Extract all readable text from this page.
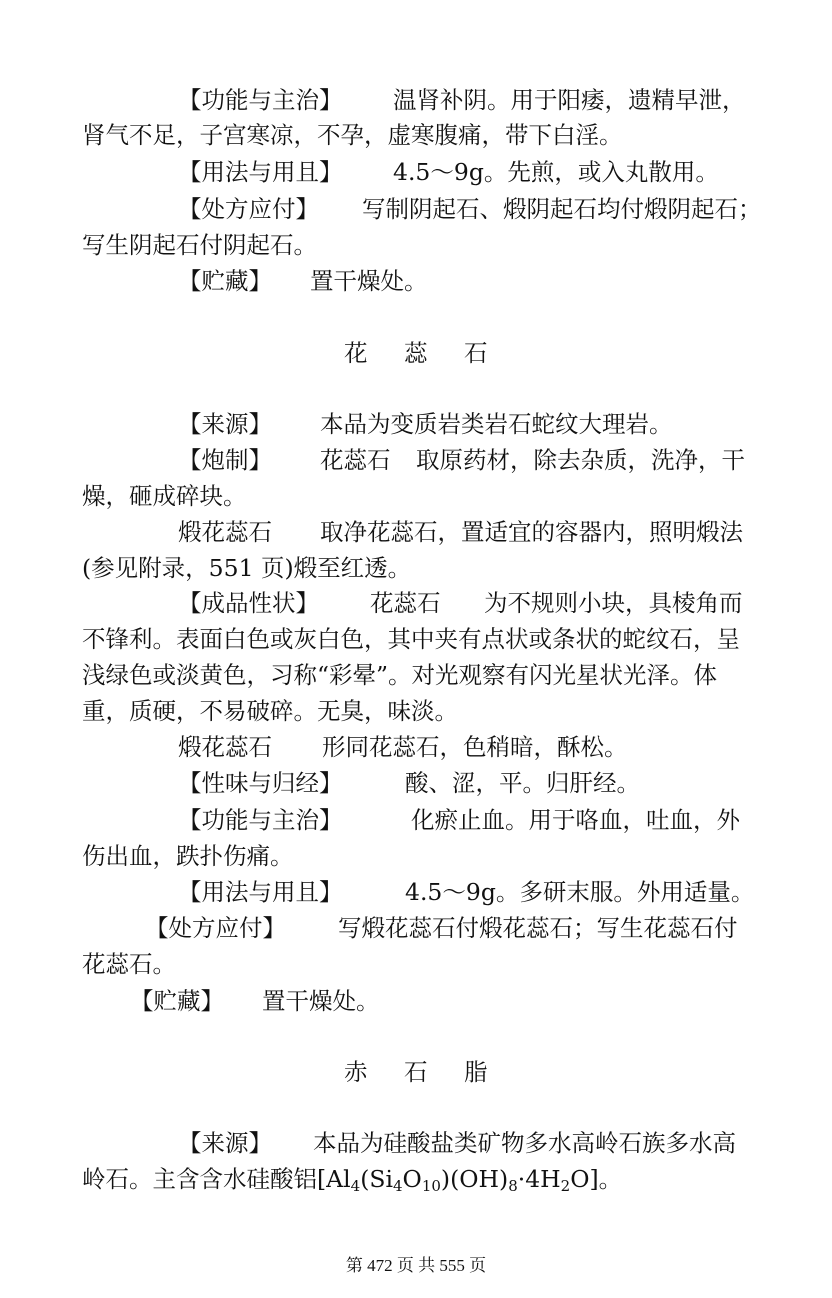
【功能与主治】 温肾补阴。用于阳痿，遗精早泄，
肾气不足，子宫寒凉，不孕，虚寒腹痛，带下白淫。
【用法与用且】 4.5～9g。先煎，或入丸散用。
【处方应付】 写制阴起石、煅阴起石均付煅阴起石；
写生阴起石付阴起石。
【贮藏】 置干燥处。
花 蕊 石
【来源】 本品为变质岩类岩石蛇纹大理岩。
【炮制】 花蕊石 取原药材，除去杂质，洗净，干
燥，砸成碎块。
煅花蕊石 取净花蕊石，置适宜的容器内，照明煅法
(参见附录，551 页)煅至红透。
【成品性状】 花蕊石 为不规则小块，具棱角而
不锋利。表面白色或灰白色，其中夹有点状或条状的蛇纹石，呈
浅绿色或淡黄色，习称“彩晕”。对光观察有闪光星状光泽。体
重，质硬，不易破碎。无臭，味淡。
煅花蕊石 形同花蕊石，色稍暗，酥松。
【性味与归经】	酸、涩，平。归肝经。
【功能与主治】	化瘀止血。用于咯血，吐血，外
伤出血，跌扑伤痛。
【用法与用且】	4.5～9g。多研末服。外用适量。
【处方应付】 写煅花蕊石付煅花蕊石；写生花蕊石付
花蕊石。
【贮藏】 置干燥处。
赤 石 脂
【来源】 本品为硅酸盐类矿物多水高岭石族多水高
岭石。主含含水硅酸铝$[Al_4(Si_4O_{10})(OH)_8\cdot 4H_2O]$。
第 472 页 共 555 页
